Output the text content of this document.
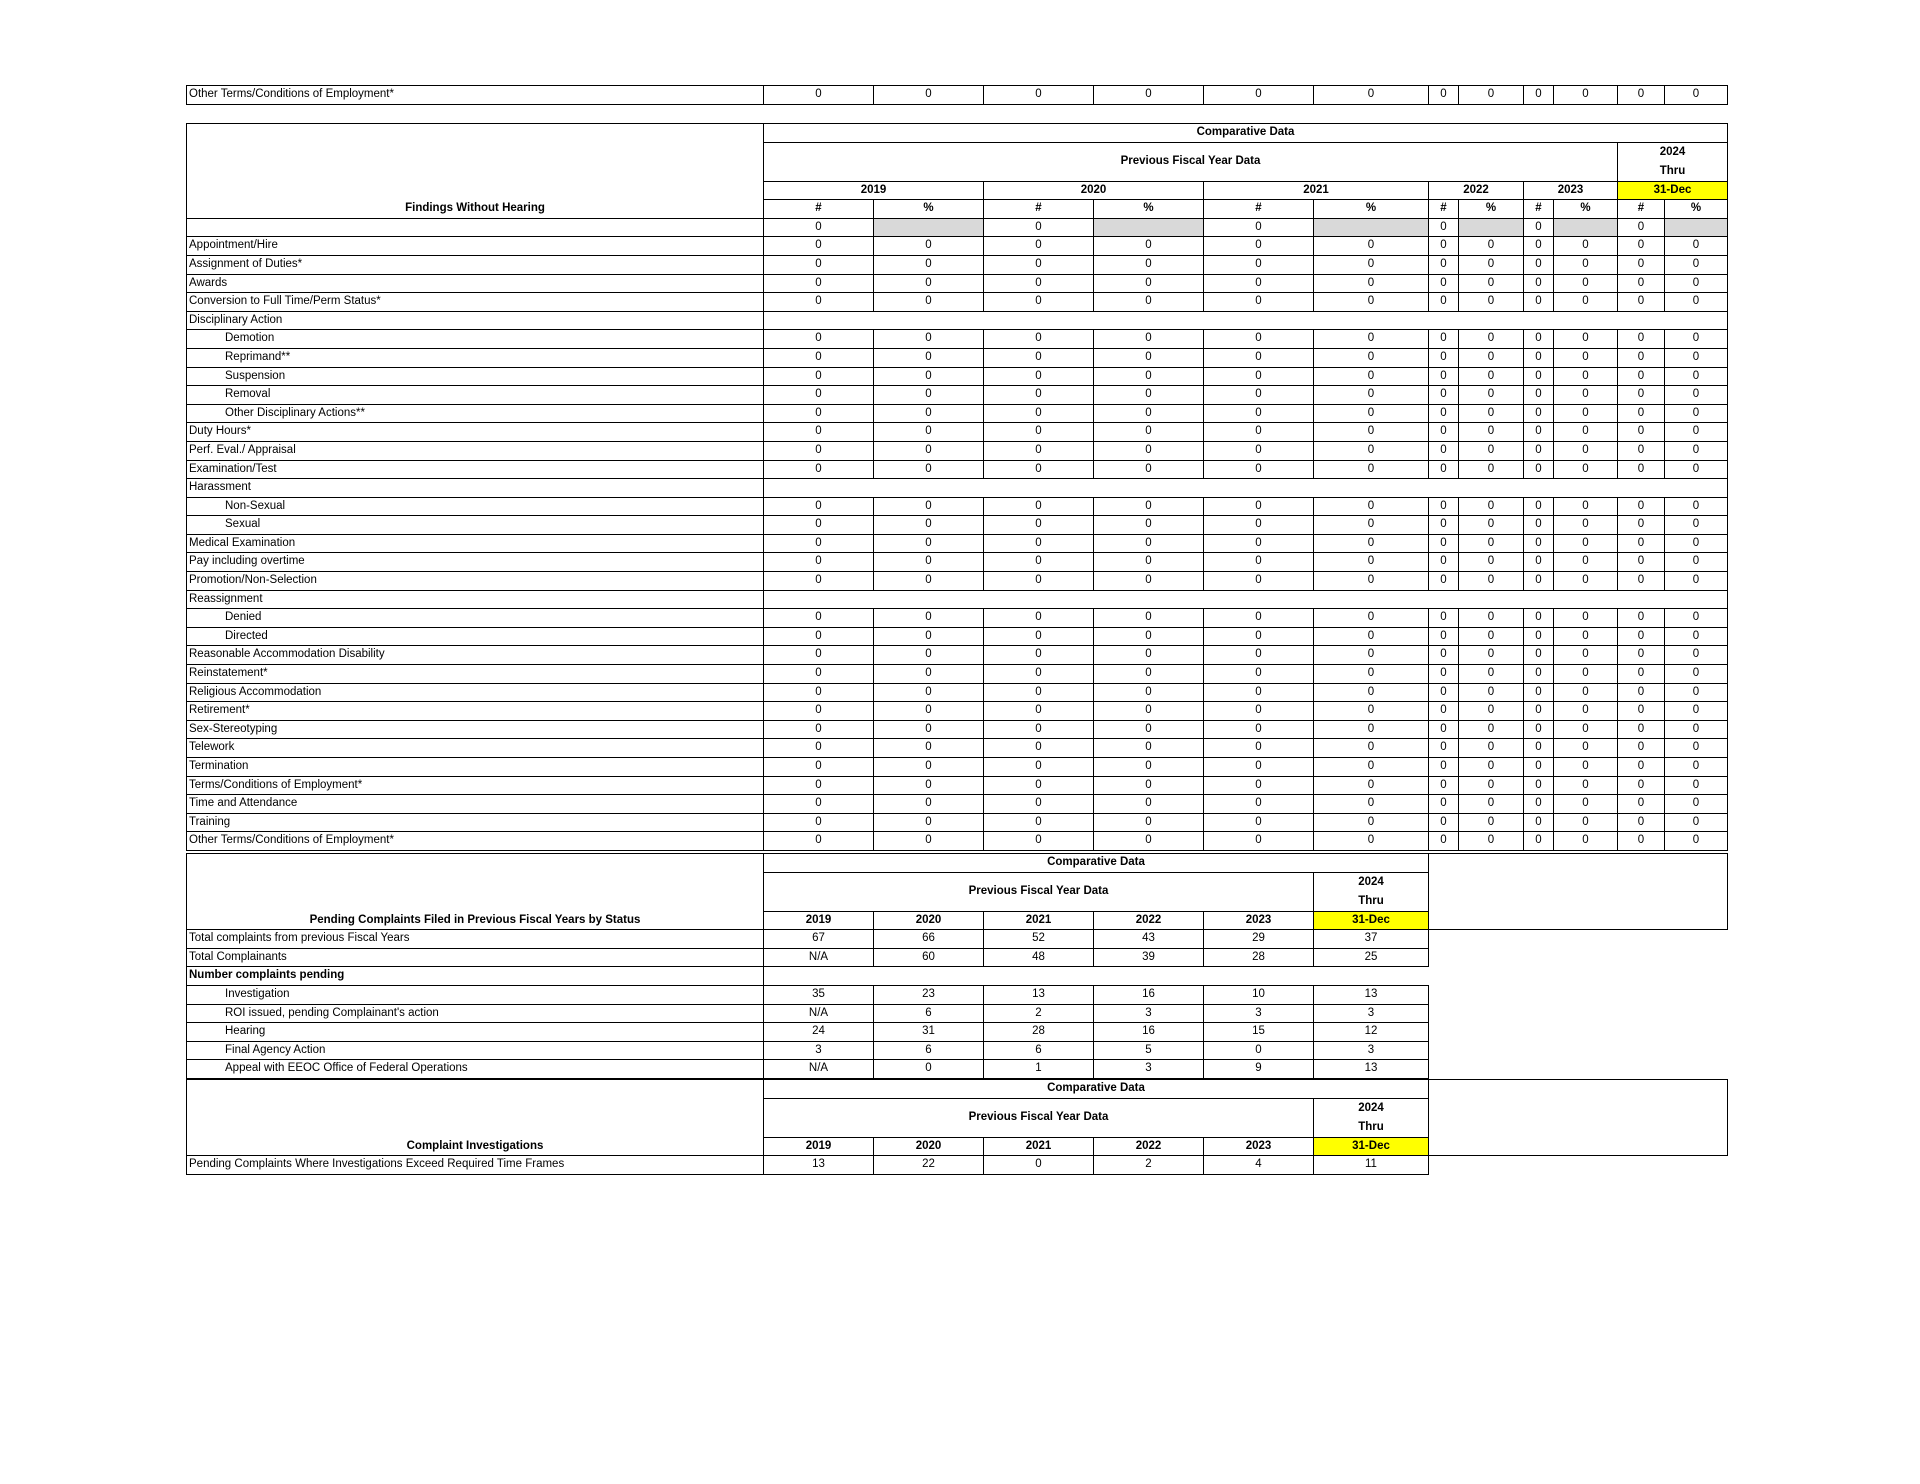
Other Terms/Conditions of Employment*	0	0	0	0	0	0	0	0	0	0	0	0
Findings Without Hearing	Comparative Data											
	Previous Fiscal Year Data										2024
Thru	
	2019		2020		2021		2022		2023		31-Dec	
	#	%	#	%	#	%	#	%	#	%	#	%
	0		0		0		0		0		0	
Appointment/Hire	0	0	0	0	0	0	0	0	0	0	0	0
Assignment of Duties*	0	0	0	0	0	0	0	0	0	0	0	0
Awards	0	0	0	0	0	0	0	0	0	0	0	0
Conversion to Full Time/Perm Status*	0	0	0	0	0	0	0	0	0	0	0	0
Disciplinary Action												
Demotion	0	0	0	0	0	0	0	0	0	0	0	0
Reprimand**	0	0	0	0	0	0	0	0	0	0	0	0
Suspension	0	0	0	0	0	0	0	0	0	0	0	0
Removal	0	0	0	0	0	0	0	0	0	0	0	0
Other Disciplinary Actions**	0	0	0	0	0	0	0	0	0	0	0	0
Duty Hours*	0	0	0	0	0	0	0	0	0	0	0	0
Perf. Eval./ Appraisal	0	0	0	0	0	0	0	0	0	0	0	0
Examination/Test	0	0	0	0	0	0	0	0	0	0	0	0
Harassment												
Non-Sexual	0	0	0	0	0	0	0	0	0	0	0	0
Sexual	0	0	0	0	0	0	0	0	0	0	0	0
Medical Examination	0	0	0	0	0	0	0	0	0	0	0	0
Pay including overtime	0	0	0	0	0	0	0	0	0	0	0	0
Promotion/Non-Selection	0	0	0	0	0	0	0	0	0	0	0	0
Reassignment												
Denied	0	0	0	0	0	0	0	0	0	0	0	0
Directed	0	0	0	0	0	0	0	0	0	0	0	0
Reasonable Accommodation Disability	0	0	0	0	0	0	0	0	0	0	0	0
Reinstatement*	0	0	0	0	0	0	0	0	0	0	0	0
Religious Accommodation	0	0	0	0	0	0	0	0	0	0	0	0
Retirement*	0	0	0	0	0	0	0	0	0	0	0	0
Sex-Stereotyping	0	0	0	0	0	0	0	0	0	0	0	0
Telework	0	0	0	0	0	0	0	0	0	0	0	0
Termination	0	0	0	0	0	0	0	0	0	0	0	0
Terms/Conditions of Employment*	0	0	0	0	0	0	0	0	0	0	0	0
Time and Attendance	0	0	0	0	0	0	0	0	0	0	0	0
Training	0	0	0	0	0	0	0	0	0	0	0	0
Other Terms/Conditions of Employment*	0	0	0	0	0	0	0	0	0	0	0	0
Pending Complaints Filed in Previous Fiscal Years by Status	Comparative Data						
	Previous Fiscal Year Data					2024
Thru	
	2019	2020	2021	2022	2023	31-Dec	
Total complaints from previous Fiscal Years	67	66	52	43	29	37	
Total Complainants	N/A	60	48	39	28	25	
Number complaints pending							
Investigation	35	23	13	16	10	13	
ROI issued, pending Complainant's action	N/A	6	2	3	3	3	
Hearing	24	31	28	16	15	12	
Final Agency Action	3	6	6	5	0	3	
Appeal with EEOC Office of Federal Operations	N/A	0	1	3	9	13	
Complaint Investigations	Comparative Data						
	Previous Fiscal Year Data					2024
Thru	
	2019	2020	2021	2022	2023	31-Dec	
Pending Complaints Where Investigations Exceed Required Time Frames	13	22	0	2	4	11	
